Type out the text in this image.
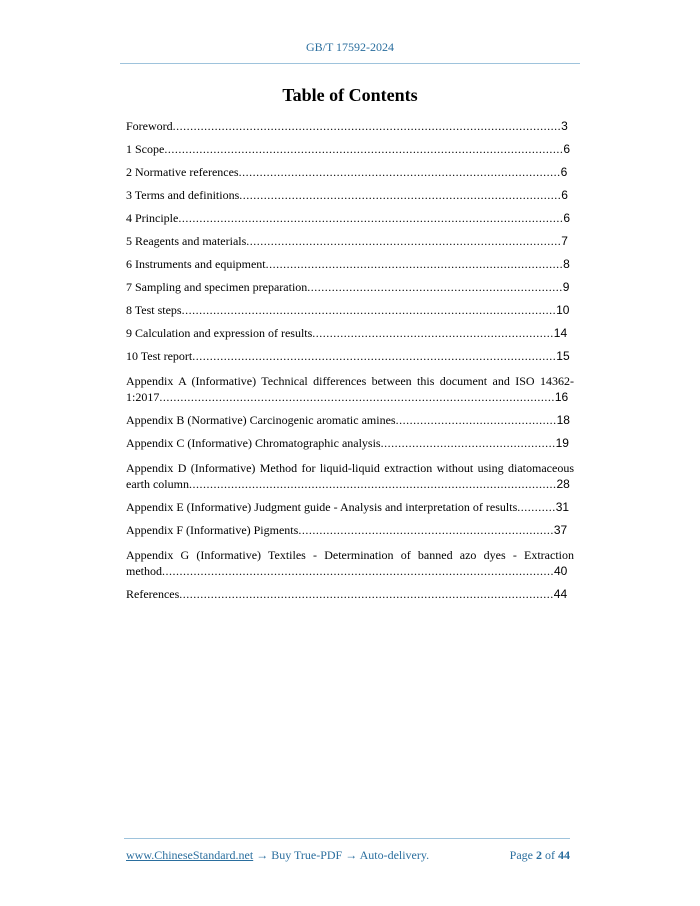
GB/T 17592-2024
Table of Contents
Foreword...............................................................................................................3
1 Scope..................................................................................................................6
2 Normative references............................................................................................6
3 Terms and definitions............................................................................................6
4 Principle..............................................................................................................6
5 Reagents and materials..........................................................................................7
6 Instruments and equipment.....................................................................................8
7 Sampling and specimen preparation.........................................................................9
8 Test steps...........................................................................................................10
9 Calculation and expression of results.....................................................................14
10 Test report........................................................................................................15
Appendix A (Informative) Technical differences between this document and ISO 14362-1:2017.................................................................................................................16
Appendix B (Normative) Carcinogenic aromatic amines..............................................18
Appendix C (Informative) Chromatographic analysis..................................................19
Appendix D (Informative) Method for liquid-liquid extraction without using diatomaceous earth column.........................................................................................................28
Appendix E (Informative) Judgment guide - Analysis and interpretation of results...........31
Appendix F (Informative) Pigments.........................................................................37
Appendix G (Informative) Textiles - Determination of banned azo dyes - Extraction method................................................................................................................40
References...........................................................................................................44
www.ChineseStandard.net → Buy True-PDF → Auto-delivery.	Page 2 of 44
